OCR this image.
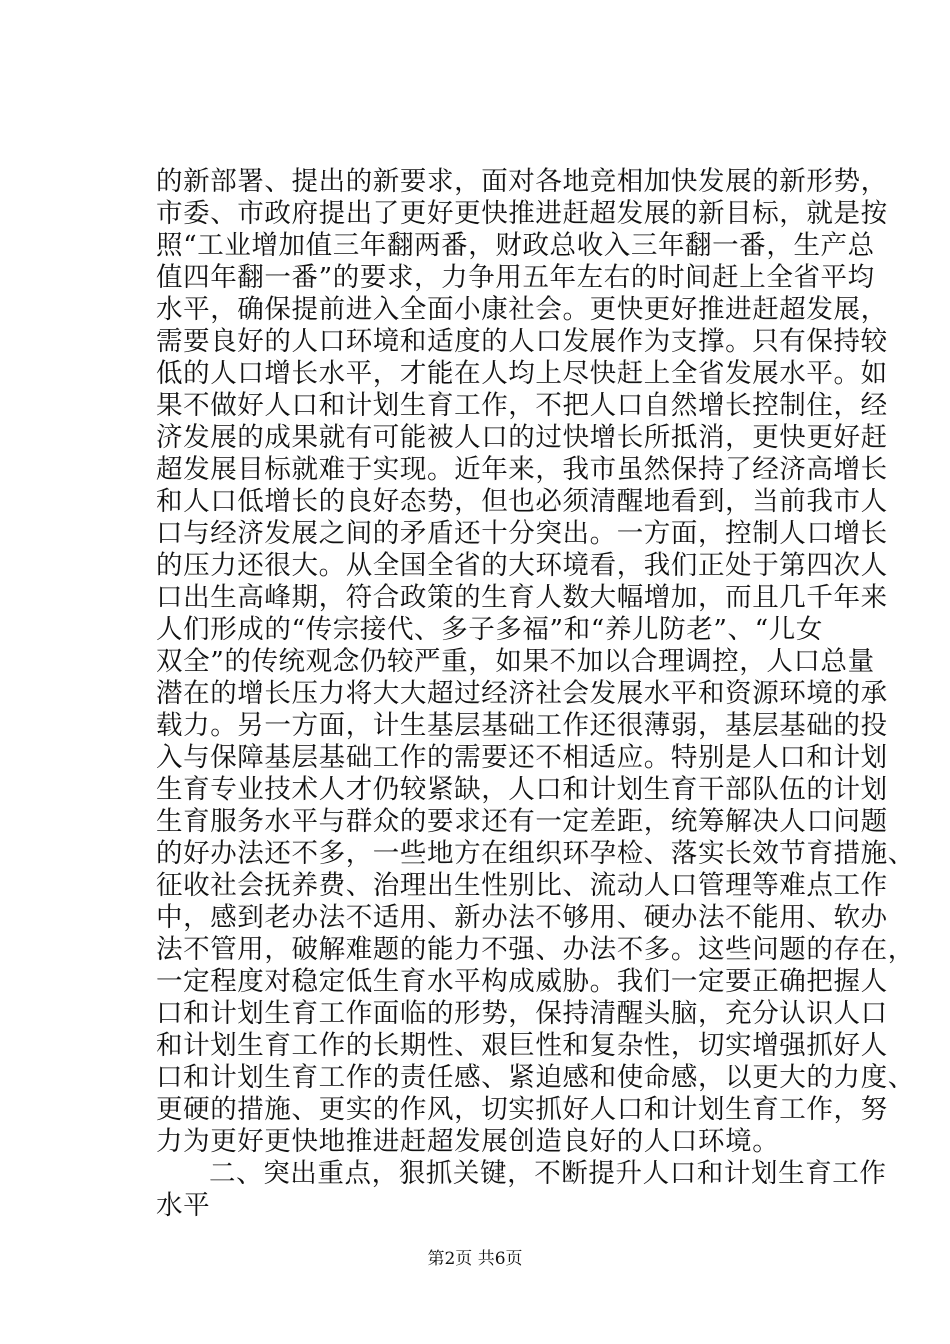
的新部署、提出的新要求，面对各地竞相加快发展的新形势，
市委、市政府提出了更好更快推进赶超发展的新目标，就是按
照“工业增加值三年翻两番，财政总收入三年翻一番，生产总
值四年翻一番”的要求，力争用五年左右的时间赶上全省平均
水平，确保提前进入全面小康社会。更快更好推进赶超发展，
需要良好的人口环境和适度的人口发展作为支撑。只有保持较
低的人口增长水平，才能在人均上尽快赶上全省发展水平。如
果不做好人口和计划生育工作，不把人口自然增长控制住，经
济发展的成果就有可能被人口的过快增长所抵消，更快更好赶
超发展目标就难于实现。近年来，我市虽然保持了经济高增长
和人口低增长的良好态势，但也必须清醒地看到，当前我市人
口与经济发展之间的矛盾还十分突出。一方面，控制人口增长
的压力还很大。从全国全省的大环境看，我们正处于第四次人
口出生高峰期，符合政策的生育人数大幅增加，而且几千年来
人们形成的“传宗接代、多子多福”和“养儿防老”、“儿女
双全”的传统观念仍较严重，如果不加以合理调控，人口总量
潜在的增长压力将大大超过经济社会发展水平和资源环境的承
载力。另一方面，计生基层基础工作还很薄弱，基层基础的投
入与保障基层基础工作的需要还不相适应。特别是人口和计划
生育专业技术人才仍较紧缺，人口和计划生育干部队伍的计划
生育服务水平与群众的要求还有一定差距，统筹解决人口问题
的好办法还不多，一些地方在组织环孕检、落实长效节育措施、
征收社会抚养费、治理出生性别比、流动人口管理等难点工作
中，感到老办法不适用、新办法不够用、硬办法不能用、软办
法不管用，破解难题的能力不强、办法不多。这些问题的存在，
一定程度对稳定低生育水平构成威胁。我们一定要正确把握人
口和计划生育工作面临的形势，保持清醒头脑，充分认识人口
和计划生育工作的长期性、艰巨性和复杂性，切实增强抓好人
口和计划生育工作的责任感、紧迫感和使命感，以更大的力度、
更硬的措施、更实的作风，切实抓好人口和计划生育工作，努
力为更好更快地推进赶超发展创造良好的人口环境。
二、突出重点，狠抓关键，不断提升人口和计划生育工作
水平
第2页 共6页
